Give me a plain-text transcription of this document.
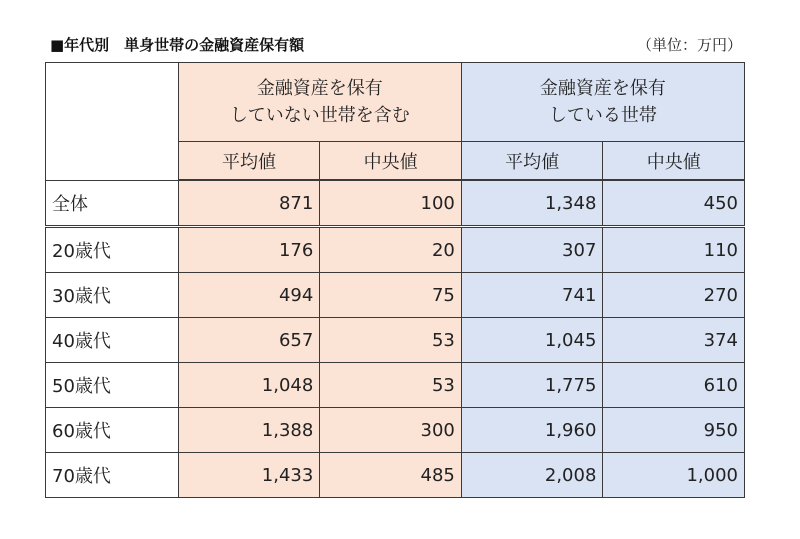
■年代別　単身世帯の金融資産保有額	（単位：万円）

	金融資産を保有
していない世帯を含む		金融資産を保有
している世帯	

	平均値	中央値	平均値	中央値
全体	871	100	1,348	450
20歳代	176	20	307	110
30歳代	494	75	741	270
40歳代	657	53	1,045	374
50歳代	1,048	53	1,775	610
60歳代	1,388	300	1,960	950
70歳代	1,433	485	2,008	1,000
